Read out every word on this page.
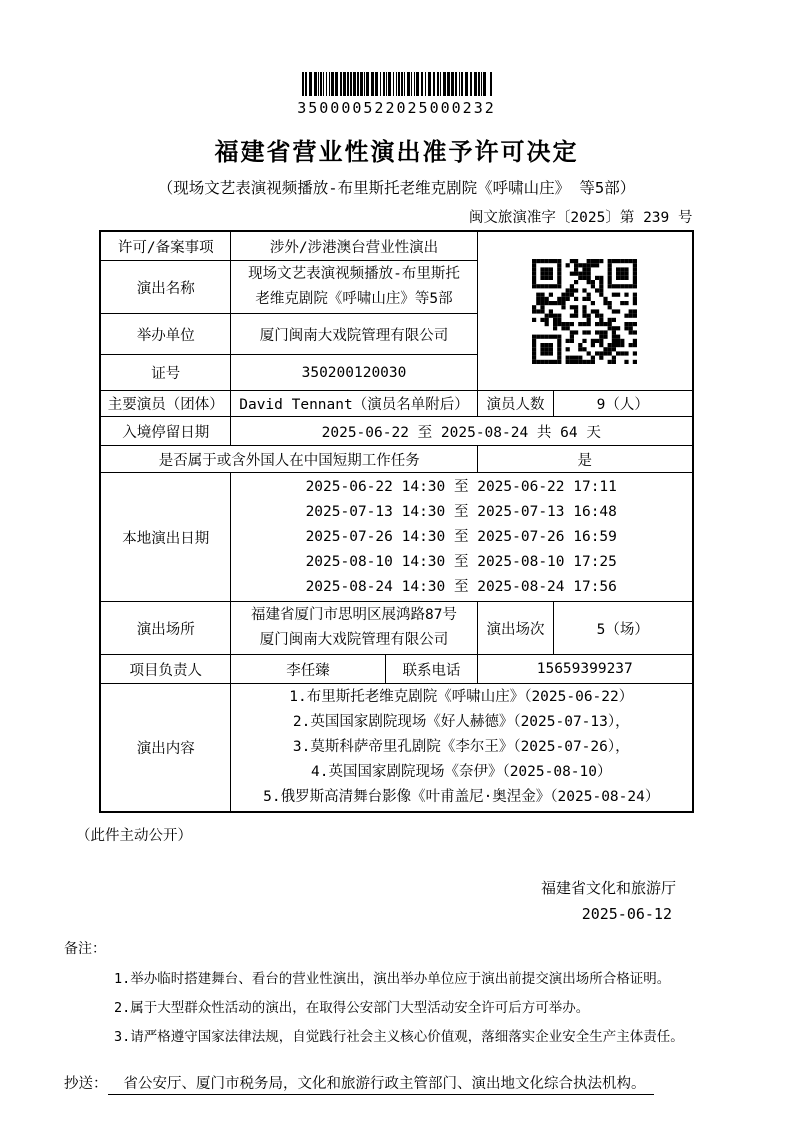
350000522025000232
福建省营业性演出准予许可决定
（现场文艺表演视频播放-布里斯托老维克剧院《呼啸山庄》 等5部）
闽文旅演准字〔2025〕第 239 号
许可/备案事项	涉外/涉港澳台营业性演出	

演出名称	现场文艺表演视频播放-布里斯托
老维克剧院《呼啸山庄》等5部			

举办单位	厦门闽南大戏院管理有限公司			
证号	350200120030			
主要演员（团体）	David Tennant（演员名单附后）		演员人数	9（人）
入境停留日期	2025-06-22 至 2025-08-24 共 64 天			
是否属于或含外国人在中国短期工作任务			是	
本地演出日期	2025-06-22 14:30 至 2025-06-22 17:11
2025-07-13 14:30 至 2025-07-13 16:48
2025-07-26 14:30 至 2025-07-26 16:59
2025-08-10 14:30 至 2025-08-10 17:25
2025-08-24 14:30 至 2025-08-24 17:56			

演出场所	福建省厦门市思明区展鸿路87号
厦门闽南大戏院管理有限公司		演出场次	5（场）
项目负责人	李任臻	联系电话	15659399237	
演出内容	1.布里斯托老维克剧院《呼啸山庄》（2025-06-22）
2.英国国家剧院现场《好人赫德》（2025-07-13），
3.莫斯科萨帝里孔剧院《李尔王》（2025-07-26），
4.英国国家剧院现场《奈伊》（2025-08-10）
5.俄罗斯高清舞台影像《叶甫盖尼·奥涅金》（2025-08-24）			
（此件主动公开）
福建省文化和旅游厅
2025-06-12
备注：
1.举办临时搭建舞台、看台的营业性演出，演出举办单位应于演出前提交演出场所合格证明。
2.属于大型群众性活动的演出，在取得公安部门大型活动安全许可后方可举办。
3.请严格遵守国家法律法规，自觉践行社会主义核心价值观，落细落实企业安全生产主体责任。
抄送： 省公安厅、厦门市税务局，文化和旅游行政主管部门、演出地文化综合执法机构。
